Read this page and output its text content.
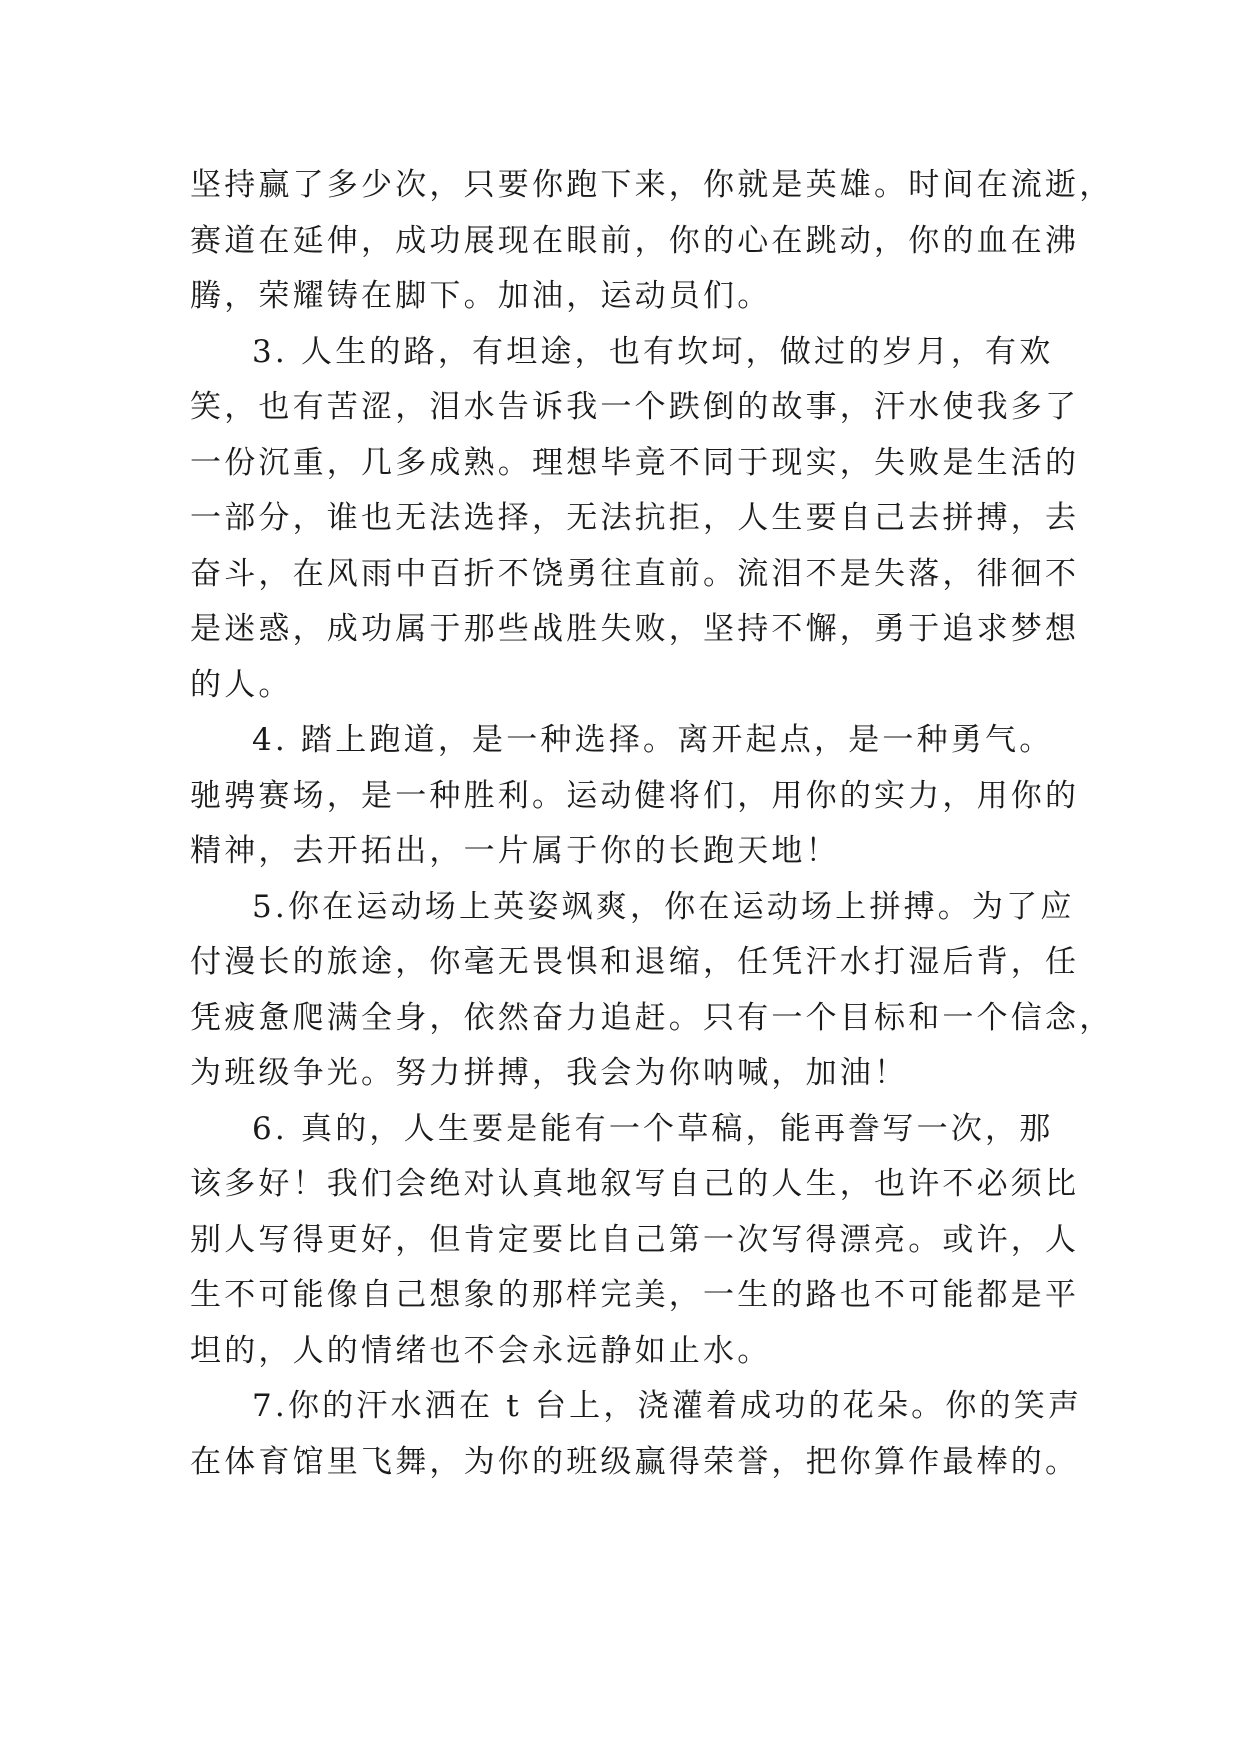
坚持赢了多少次，只要你跑下来，你就是英雄。时间在流逝，
赛道在延伸，成功展现在眼前，你的心在跳动，你的血在沸
腾，荣耀铸在脚下。加油，运动员们。
3. 人生的路，有坦途，也有坎坷，做过的岁月，有欢
笑，也有苦涩，泪水告诉我一个跌倒的故事，汗水使我多了
一份沉重，几多成熟。理想毕竟不同于现实，失败是生活的
一部分，谁也无法选择，无法抗拒，人生要自己去拼搏，去
奋斗，在风雨中百折不饶勇往直前。流泪不是失落，徘徊不
是迷惑，成功属于那些战胜失败，坚持不懈，勇于追求梦想
的人。
4. 踏上跑道，是一种选择。离开起点，是一种勇气。
驰骋赛场，是一种胜利。运动健将们，用你的实力，用你的
精神，去开拓出，一片属于你的长跑天地！
5.你在运动场上英姿飒爽，你在运动场上拼搏。为了应
付漫长的旅途，你毫无畏惧和退缩，任凭汗水打湿后背，任
凭疲惫爬满全身，依然奋力追赶。只有一个目标和一个信念，
为班级争光。努力拼搏，我会为你呐喊，加油！
6. 真的，人生要是能有一个草稿，能再誊写一次，那
该多好！我们会绝对认真地叙写自己的人生，也许不必须比
别人写得更好，但肯定要比自己第一次写得漂亮。或许，人
生不可能像自己想象的那样完美，一生的路也不可能都是平
坦的，人的情绪也不会永远静如止水。
7.你的汗水洒在 t 台上，浇灌着成功的花朵。你的笑声
在体育馆里飞舞，为你的班级赢得荣誉，把你算作最棒的。
